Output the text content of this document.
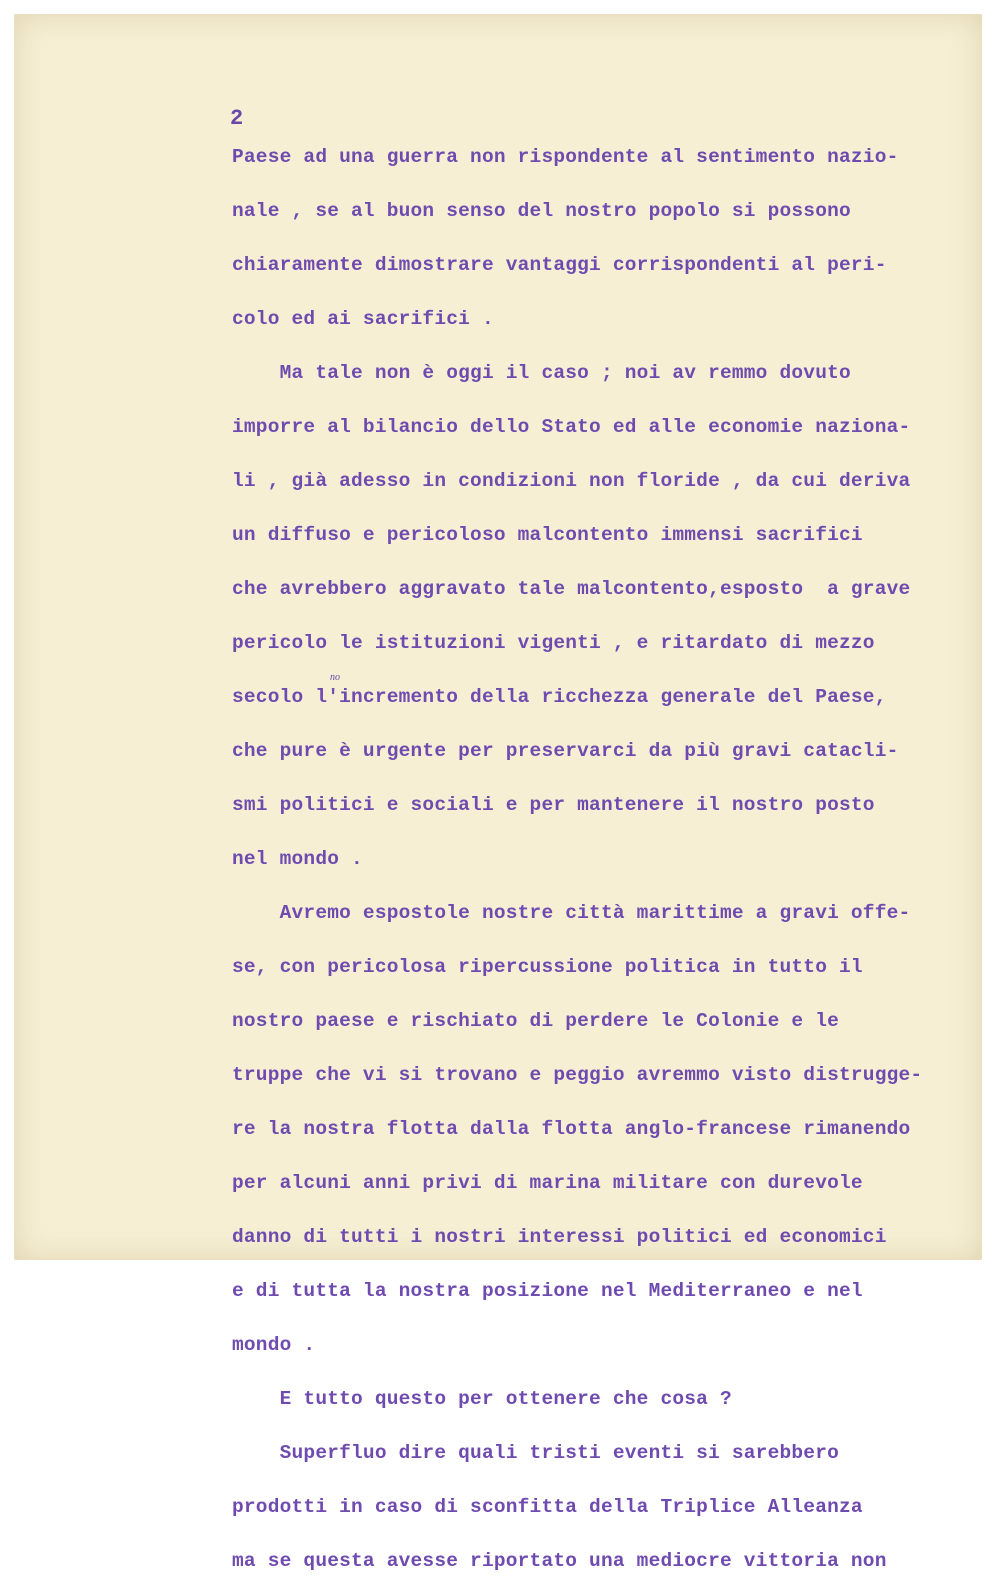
2

no
Paese ad una guerra non rispondente al sentimento nazio-
nale , se al buon senso del nostro popolo si possono
chiaramente dimostrare vantaggi corrispondenti al peri-
colo ed ai sacrifici .
Ma tale non è oggi il caso ; noi av remmo dovuto
imporre al bilancio dello Stato ed alle economie naziona-
li , già adesso in condizioni non floride , da cui deriva
un diffuso e pericoloso malcontento immensi sacrifici
che avrebbero aggravato tale malcontento,esposto  a grave
pericolo le istituzioni vigenti , e ritardato di mezzo
secolo l'incremento della ricchezza generale del Paese,
che pure è urgente per preservarci da più gravi catacli-
smi politici e sociali e per mantenere il nostro posto
nel mondo .
Avremo espostole nostre città marittime a gravi offe-
se, con pericolosa ripercussione politica in tutto il
nostro paese e rischiato di perdere le Colonie e le
truppe che vi si trovano e peggio avremmo visto distrugge-
re la nostra flotta dalla flotta anglo-francese rimanendo
per alcuni anni privi di marina militare con durevole
danno di tutti i nostri interessi politici ed economici
e di tutta la nostra posizione nel Mediterraneo e nel
mondo .
E tutto questo per ottenere che cosa ?
Superfluo dire quali tristi eventi si sarebbero
prodotti in caso di sconfitta della Triplice Alleanza
ma se questa avesse riportato una mediocre vittoria non
